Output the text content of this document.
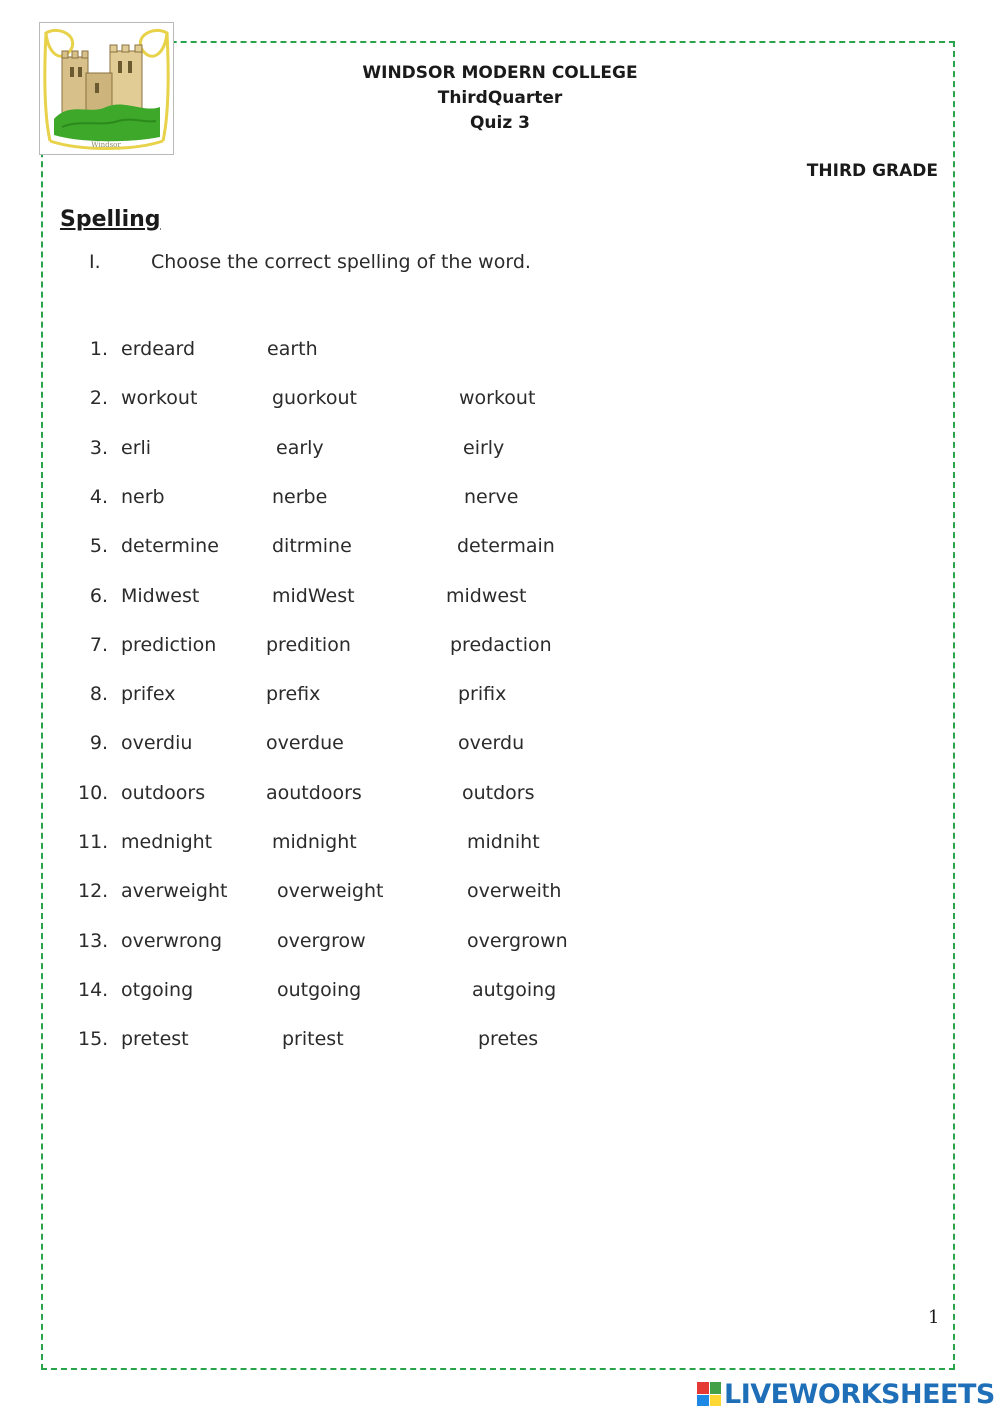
Windsor
WINDSOR MODERN COLLEGE
ThirdQuarter
Quiz 3
THIRD GRADE
Spelling
I.	Choose the correct spelling of the word.
1. erdeard	earth
2. workout	guorkout	workout
3. erli	early	eirly
4. nerb	nerbe	nerve
5. determine	ditrmine	determain
6. Midwest	midWest	midwest
7. prediction	predition	predaction
8. prifex	prefix	prifix
9. overdiu	overdue	overdu
10. outdoors	aoutdoors	outdors
11. mednight	midnight	midniht
12. averweight	overweight	overweith
13. overwrong	overgrow	overgrown
14. otgoing	outgoing	autgoing
15. pretest	pritest	pretes
1
LIVEWORKSHEETS
